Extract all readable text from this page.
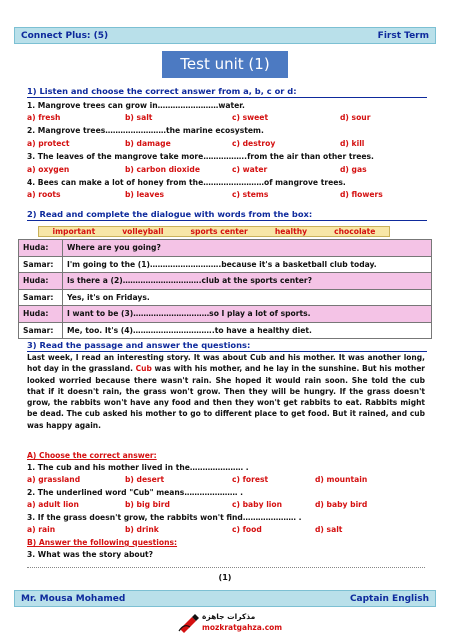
Connect Plus: (5)	First Term
Test unit (1)
1) Listen and choose the correct answer from a, b, c or d:
1. Mangrove trees can grow in……………………water.
a) fresh	b) salt	c) sweet	d) sour
2. Mangrove trees……………………the marine ecosystem.
a) protect	b) damage	c) destroy	d) kill
3. The leaves of the mangrove take more……………..from the air than other trees.
a) oxygen	b) carbon dioxide	c) water	d) gas
4. Bees can make a lot of honey from the……………………of mangrove trees.
a) roots	b) leaves	c) stems	d) flowers
2) Read and complete the dialogue with words from the box:
important	volleyball	sports center	healthy	chocolate
Huda:	Where are you going?
Samar:	I'm going to the (1)……………………….because it's a basketball club today.
Huda:	Is there a (2)………………………….club at the sports center?
Samar:	Yes, it's on Fridays.
Huda:	I want to be (3)…………………………so I play a lot of sports.
Samar:	Me, too. It's (4)…………………………..to have a healthy diet.
3) Read the passage and answer the questions:
Last week, I read an interesting story. It was about Cub and his mother. It was another long, hot day in the grassland. Cub was with his mother, and he lay in the sunshine. But his mother looked worried because there wasn't rain. She hoped it would rain soon. She told the cub that if it doesn't rain, the grass won't grow. Then they will be hungry. If the grass doesn't grow, the rabbits won't have any food and then they won't get rabbits to eat. Rabbits might be dead. The cub asked his mother to go to different place to get food. But it rained, and cub was happy again.
A) Choose the correct answer:
1. The cub and his mother lived in the………………… .
a) grassland	b) desert	c) forest	d) mountain
2. The underlined word "Cub" means………………… .
a) adult lion	b) big bird	c) baby lion	d) baby bird
3. If the grass doesn't grow, the rabbits won't find………………… .
a) rain	b) drink	c) food	d) salt
B) Answer the following questions:
3. What was the story about?
(1)
Mr. Mousa Mohamed	Captain English
مذكرات جاهزة
mozkratgahza.com
